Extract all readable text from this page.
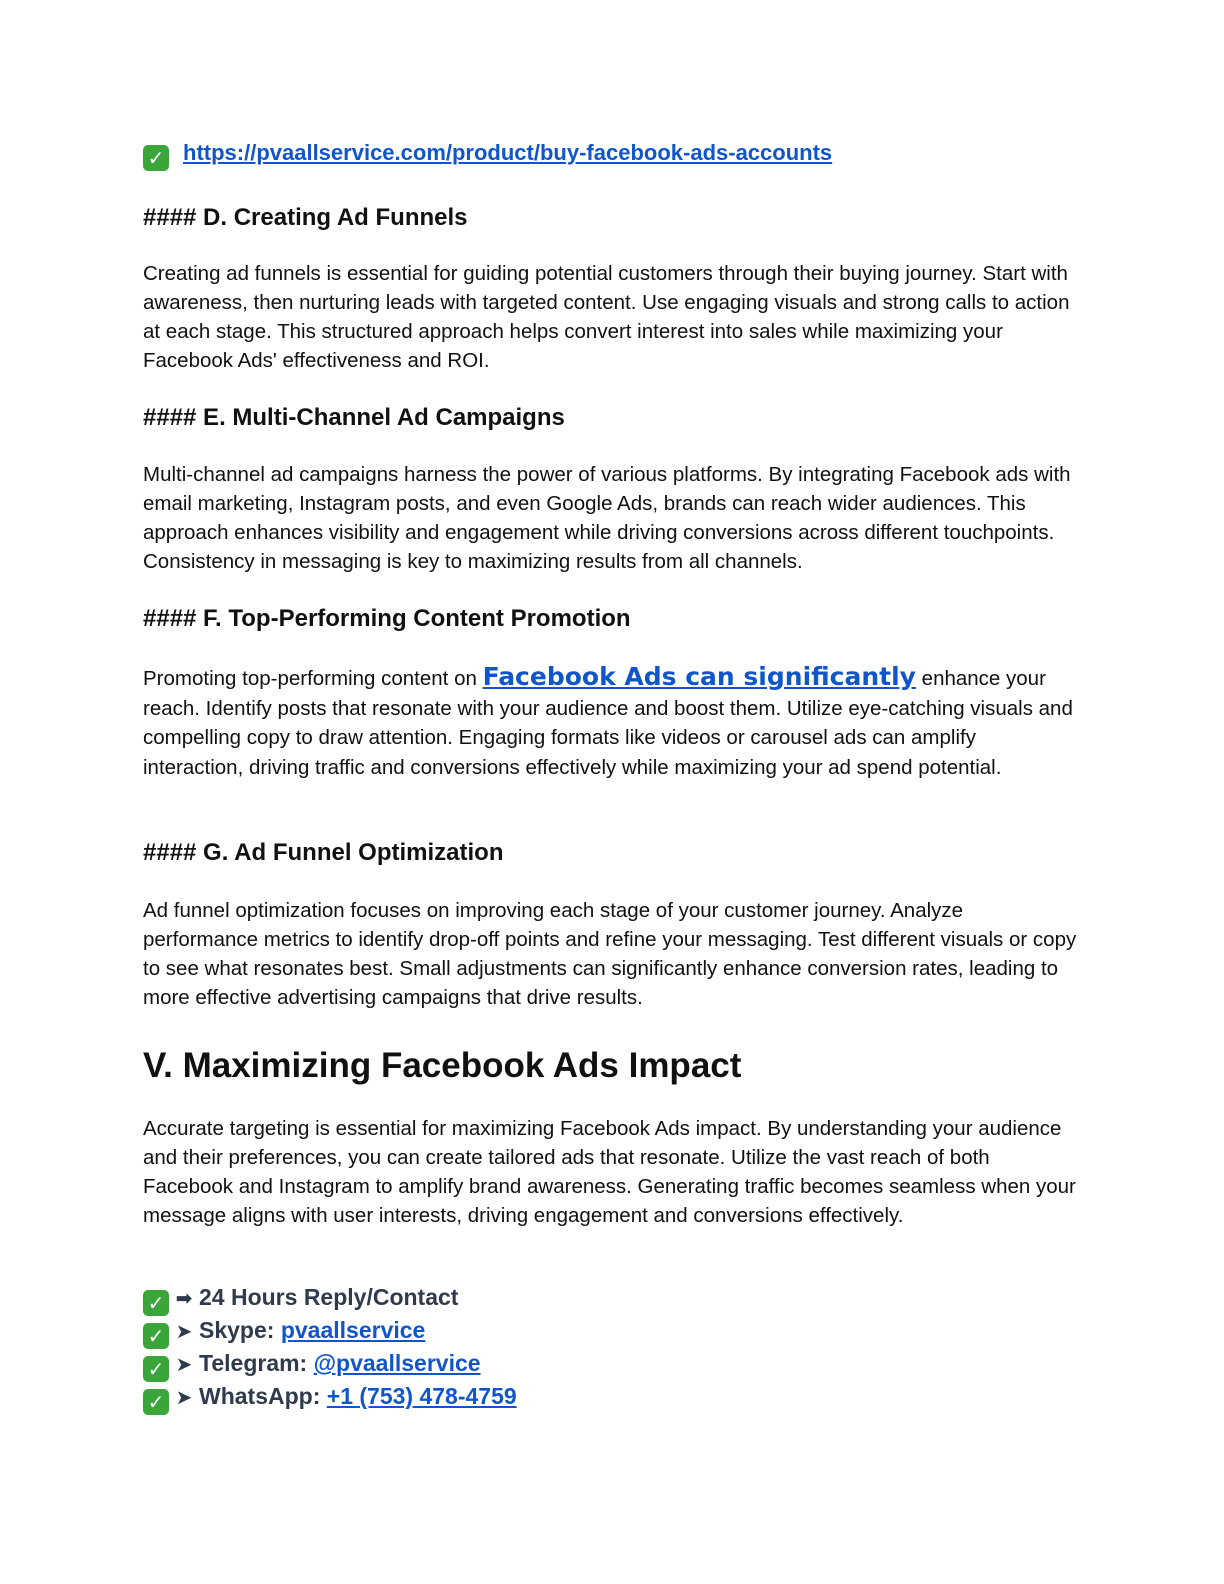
✓ https://pvaallservice.com/product/buy-facebook-ads-accounts
#### D. Creating Ad Funnels

Creating ad funnels is essential for guiding potential customers through their buying journey. Start with awareness, then nurturing leads with targeted content. Use engaging visuals and strong calls to action at each stage. This structured approach helps convert interest into sales while maximizing your Facebook Ads' effectiveness and ROI.

#### E. Multi-Channel Ad Campaigns

Multi-channel ad campaigns harness the power of various platforms. By integrating Facebook ads with email marketing, Instagram posts, and even Google Ads, brands can reach wider audiences. This approach enhances visibility and engagement while driving conversions across different touchpoints. Consistency in messaging is key to maximizing results from all channels.

#### F. Top-Performing Content Promotion

Promoting top-performing content on Facebook Ads can significantly enhance your reach. Identify posts that resonate with your audience and boost them. Utilize eye-catching visuals and compelling copy to draw attention. Engaging formats like videos or carousel ads can amplify interaction, driving traffic and conversions effectively while maximizing your ad spend potential.

#### G. Ad Funnel Optimization

Ad funnel optimization focuses on improving each stage of your customer journey. Analyze performance metrics to identify drop-off points and refine your messaging. Test different visuals or copy to see what resonates best. Small adjustments can significantly enhance conversion rates, leading to more effective advertising campaigns that drive results.

V. Maximizing Facebook Ads Impact

Accurate targeting is essential for maximizing Facebook Ads impact. By understanding your audience and their preferences, you can create tailored ads that resonate. Utilize the vast reach of both Facebook and Instagram to amplify brand awareness. Generating traffic becomes seamless when your message aligns with user interests, driving engagement and conversions effectively.

✓ ➡ 24 Hours Reply/Contact
✓ ➤ Skype: pvaallservice
✓ ➤ Telegram: @pvaallservice
✓ ➤ WhatsApp: +1 (753) 478-4759
